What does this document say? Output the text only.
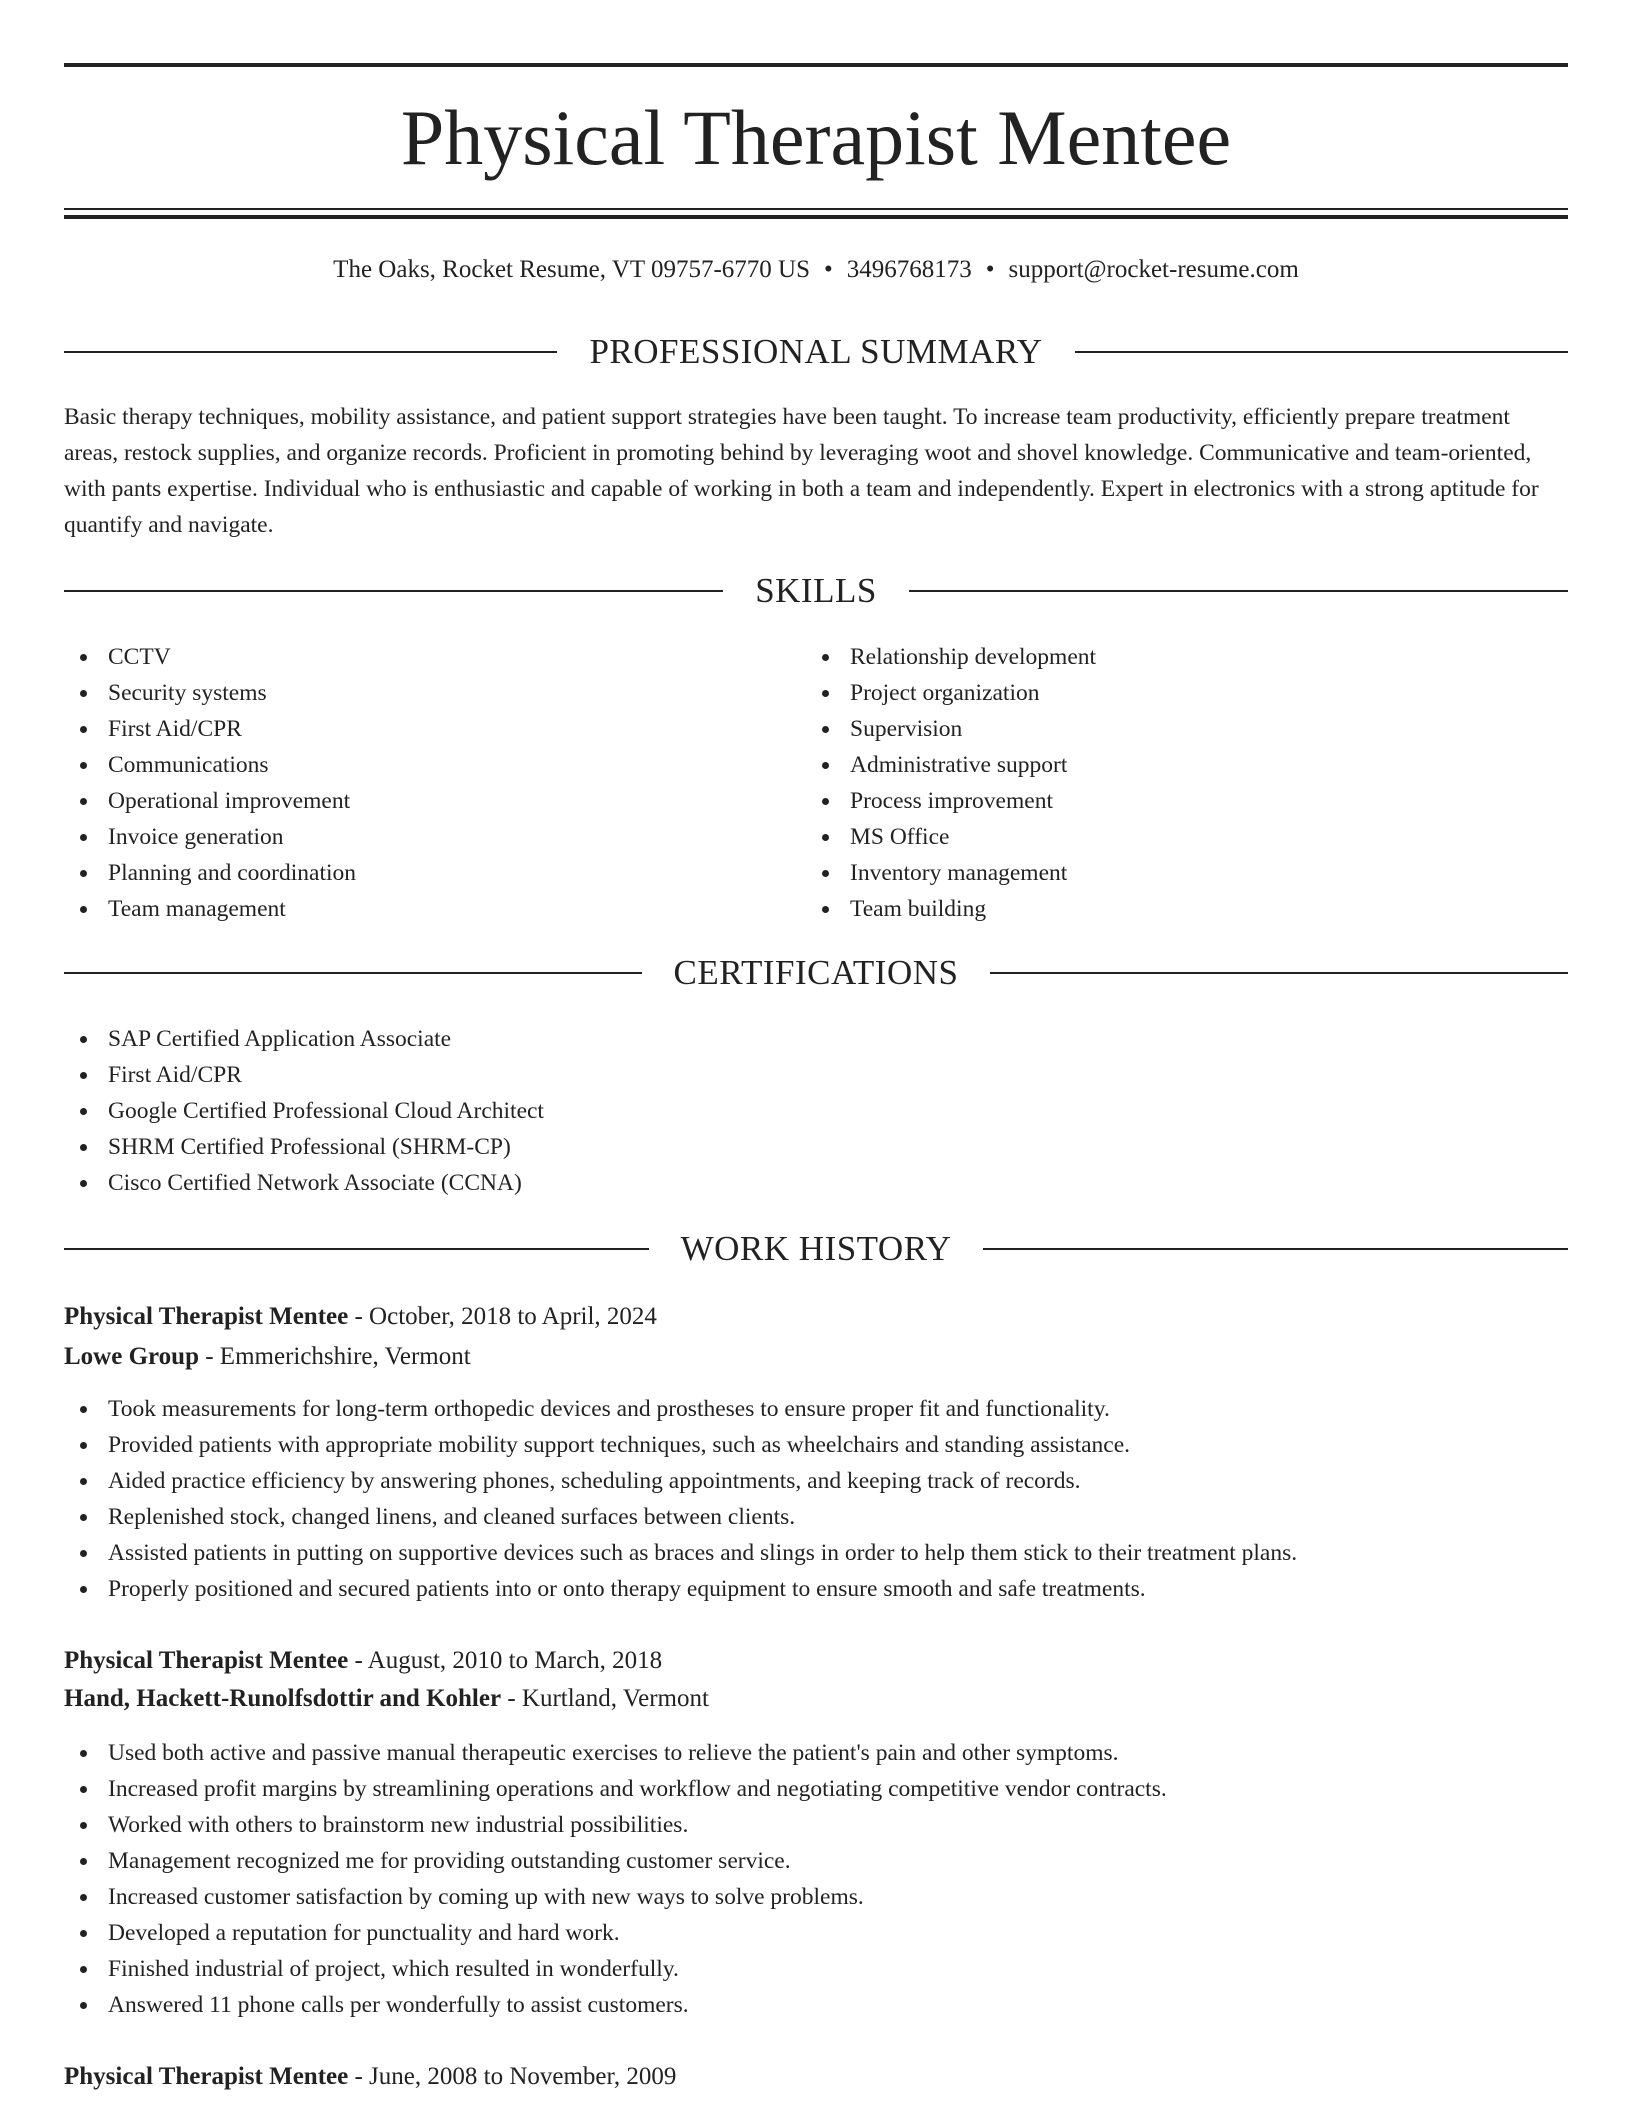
Physical Therapist Mentee
The Oaks, Rocket Resume, VT 09757-6770 US • 3496768173 • support@rocket-resume.com
PROFESSIONAL SUMMARY

Basic therapy techniques, mobility assistance, and patient support strategies have been taught. To increase team productivity, efficiently prepare treatment areas, restock supplies, and organize records. Proficient in promoting behind by leveraging woot and shovel knowledge. Communicative and team-oriented, with pants expertise. Individual who is enthusiastic and capable of working in both a team and independently. Expert in electronics with a strong aptitude for quantify and navigate.

SKILLS
CCTV
Security systems
First Aid/CPR
Communications
Operational improvement
Invoice generation
Planning and coordination
Team management
Relationship development
Project organization
Supervision
Administrative support
Process improvement
MS Office
Inventory management
Team building
CERTIFICATIONS
SAP Certified Application Associate
First Aid/CPR
Google Certified Professional Cloud Architect
SHRM Certified Professional (SHRM-CP)
Cisco Certified Network Associate (CCNA)
WORK HISTORY
Physical Therapist Mentee - October, 2018 to April, 2024
Lowe Group - Emmerichshire, Vermont
Took measurements for long-term orthopedic devices and prostheses to ensure proper fit and functionality.
Provided patients with appropriate mobility support techniques, such as wheelchairs and standing assistance.
Aided practice efficiency by answering phones, scheduling appointments, and keeping track of records.
Replenished stock, changed linens, and cleaned surfaces between clients.
Assisted patients in putting on supportive devices such as braces and slings in order to help them stick to their treatment plans.
Properly positioned and secured patients into or onto therapy equipment to ensure smooth and safe treatments.
Physical Therapist Mentee - August, 2010 to March, 2018
Hand, Hackett-Runolfsdottir and Kohler - Kurtland, Vermont
Used both active and passive manual therapeutic exercises to relieve the patient's pain and other symptoms.
Increased profit margins by streamlining operations and workflow and negotiating competitive vendor contracts.
Worked with others to brainstorm new industrial possibilities.
Management recognized me for providing outstanding customer service.
Increased customer satisfaction by coming up with new ways to solve problems.
Developed a reputation for punctuality and hard work.
Finished industrial of project, which resulted in wonderfully.
Answered 11 phone calls per wonderfully to assist customers.
Physical Therapist Mentee - June, 2008 to November, 2009
